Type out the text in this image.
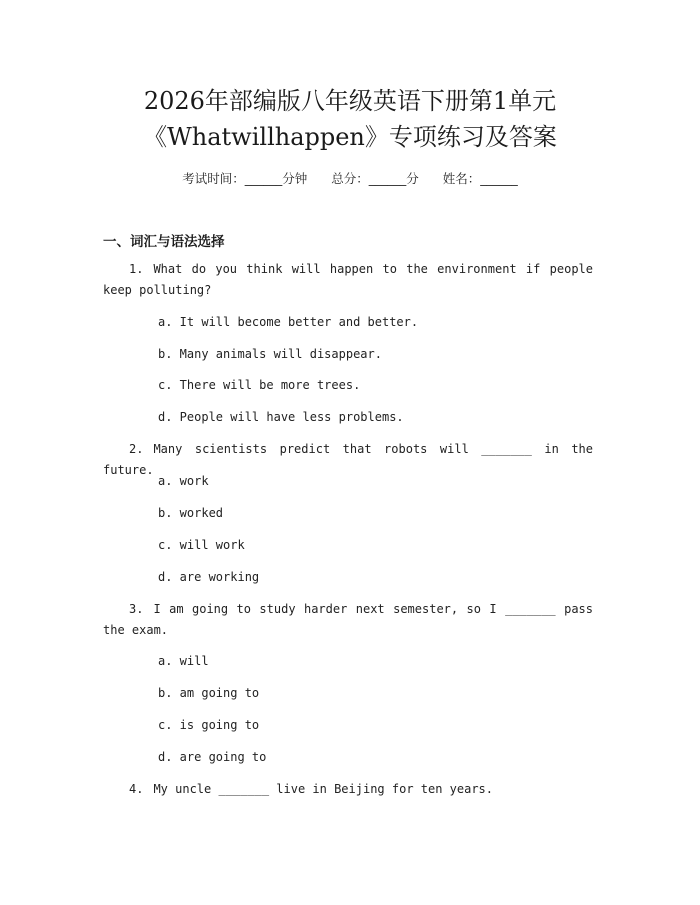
2026年部编版八年级英语下册第1单元
《Whatwillhappen》专项练习及答案
考试时间：______分钟 总分：______分 姓名：______
一、词汇与语法选择
1. What do you think will happen to the environment if people keep polluting?
a. It will become better and better.
b. Many animals will disappear.
c. There will be more trees.
d. People will have less problems.
2. Many scientists predict that robots will _______ in the future.
a. work
b. worked
c. will work
d. are working
3. I am going to study harder next semester, so I _______ pass the exam.
a. will
b. am going to
c. is going to
d. are going to
4. My uncle _______ live in Beijing for ten years.
